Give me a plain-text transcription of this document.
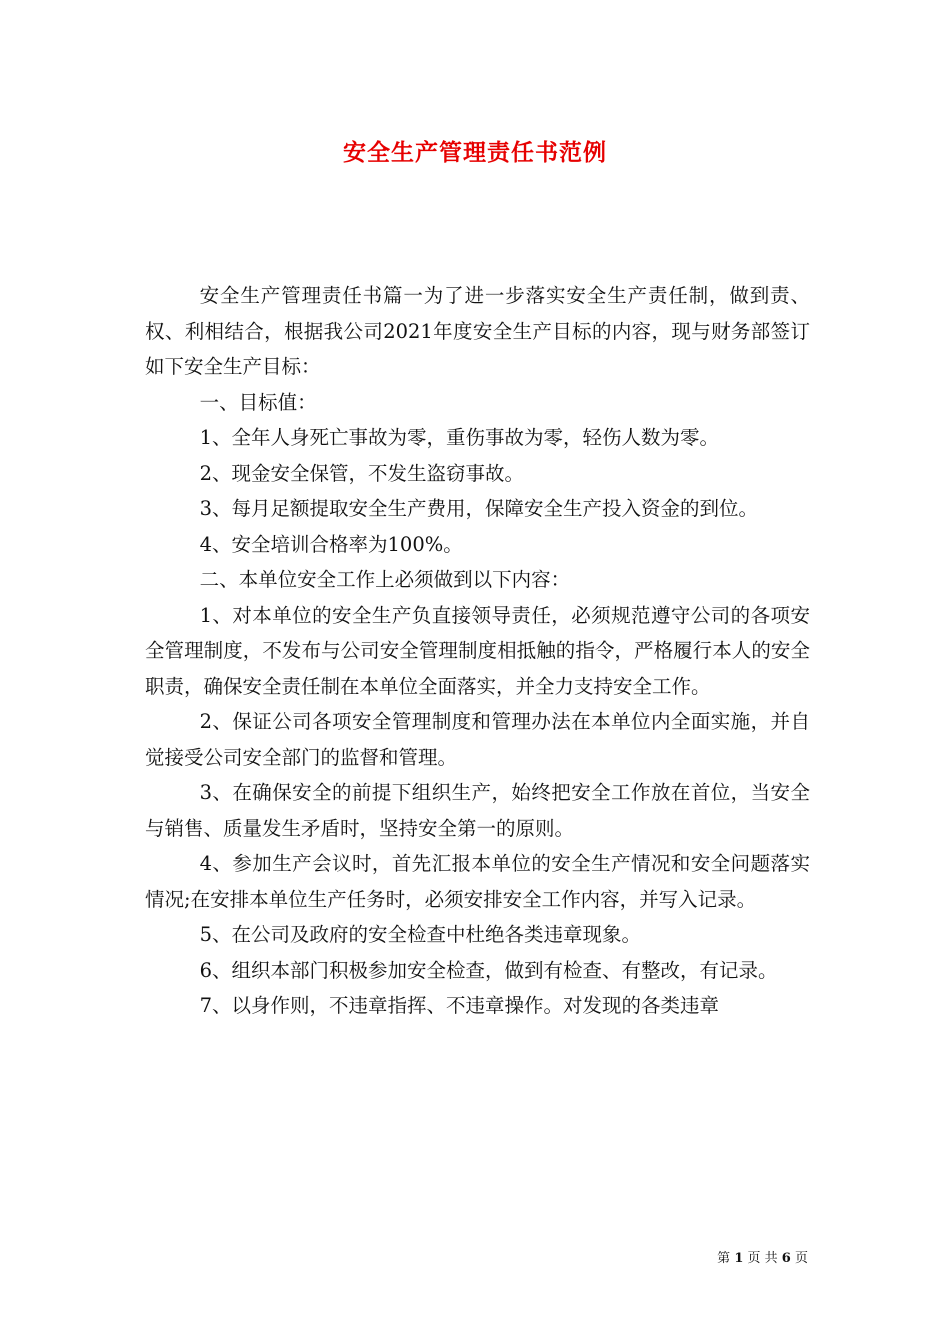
安全生产管理责任书范例

安全生产管理责任书篇一为了进一步落实安全生产责任制，做到责、权、利相结合，根据我公司2021年度安全生产目标的内容，现与财务部签订如下安全生产目标：

一、目标值：

1、全年人身死亡事故为零，重伤事故为零，轻伤人数为零。

2、现金安全保管，不发生盗窃事故。

3、每月足额提取安全生产费用，保障安全生产投入资金的到位。

4、安全培训合格率为100%。

二、本单位安全工作上必须做到以下内容：

1、对本单位的安全生产负直接领导责任，必须规范遵守公司的各项安全管理制度，不发布与公司安全管理制度相抵触的指令，严格履行本人的安全职责，确保安全责任制在本单位全面落实，并全力支持安全工作。

2、保证公司各项安全管理制度和管理办法在本单位内全面实施，并自觉接受公司安全部门的监督和管理。

3、在确保安全的前提下组织生产，始终把安全工作放在首位，当安全与销售、质量发生矛盾时，坚持安全第一的原则。

4、参加生产会议时，首先汇报本单位的安全生产情况和安全问题落实情况;在安排本单位生产任务时，必须安排安全工作内容，并写入记录。

5、在公司及政府的安全检查中杜绝各类违章现象。

6、组织本部门积极参加安全检查，做到有检查、有整改，有记录。

7、以身作则，不违章指挥、不违章操作。对发现的各类违章

第 1 页 共 6 页
